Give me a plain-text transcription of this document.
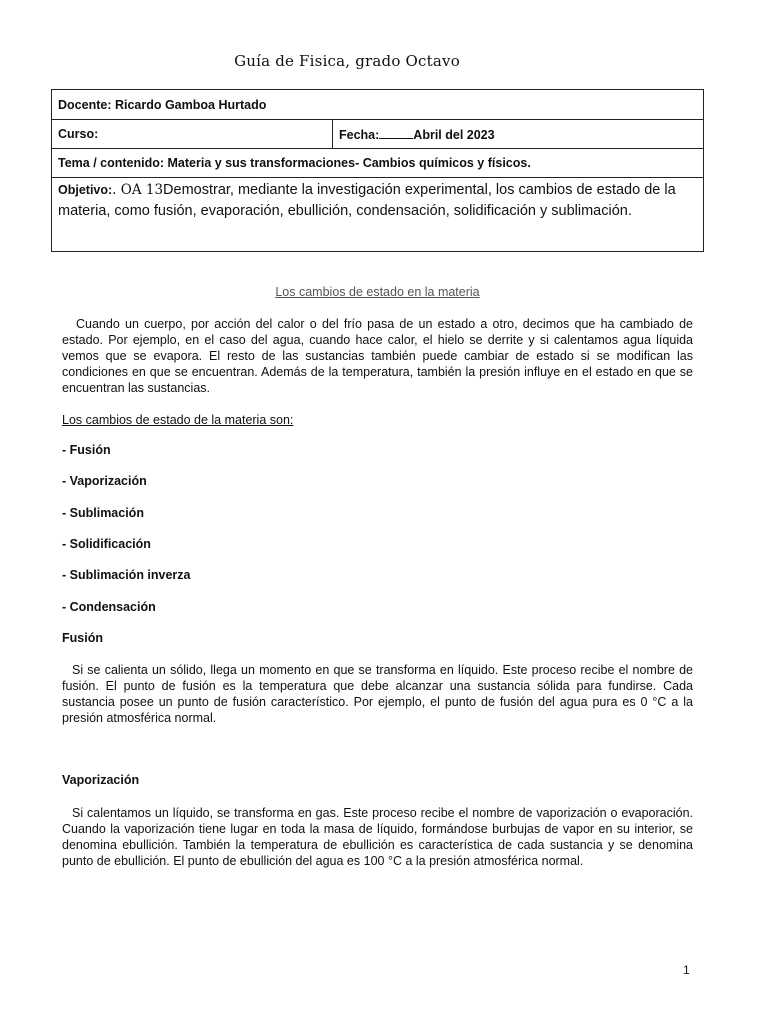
Guía de Fisica, grado Octavo
Docente: Ricardo Gamboa Hurtado
Curso:	Fecha:	Abril del 2023
Tema / contenido: Materia y sus transformaciones- Cambios químicos y físicos.
Objetivo:. OA 13Demostrar, mediante la investigación experimental, los cambios de estado de la materia, como fusión, evaporación, ebullición, condensación, solidificación y sublimación.
Los cambios de estado en la materia
Cuando un cuerpo, por acción del calor o del frío pasa de un estado a otro, decimos que ha cambiado de estado. Por ejemplo, en el caso del agua, cuando hace calor, el hielo se derrite y si calentamos agua líquida vemos que se evapora. El resto de las sustancias también puede cambiar de estado si se modifican las condiciones en que se encuentran. Además de la temperatura, también la presión influye en el estado en que se encuentran las sustancias.
Los cambios de estado de la materia son:
- Fusión
- Vaporización
- Sublimación
- Solidificación
- Sublimación inverza
- Condensación
Fusión
Si se calienta un sólido, llega un momento en que se transforma en líquido. Este proceso recibe el nombre de fusión. El punto de fusión es la temperatura que debe alcanzar una sustancia sólida para fundirse. Cada sustancia posee un punto de fusión característico. Por ejemplo, el punto de fusión del agua pura es 0 °C a la presión atmosférica normal.
Vaporización
Si calentamos un líquido, se transforma en gas. Este proceso recibe el nombre de vaporización o evaporación. Cuando la vaporización tiene lugar en toda la masa de líquido, formándose burbujas de vapor en su interior, se denomina ebullición. También la temperatura de ebullición es característica de cada sustancia y se denomina punto de ebullición. El punto de ebullición del agua es 100 °C a la presión atmosférica normal.
1
